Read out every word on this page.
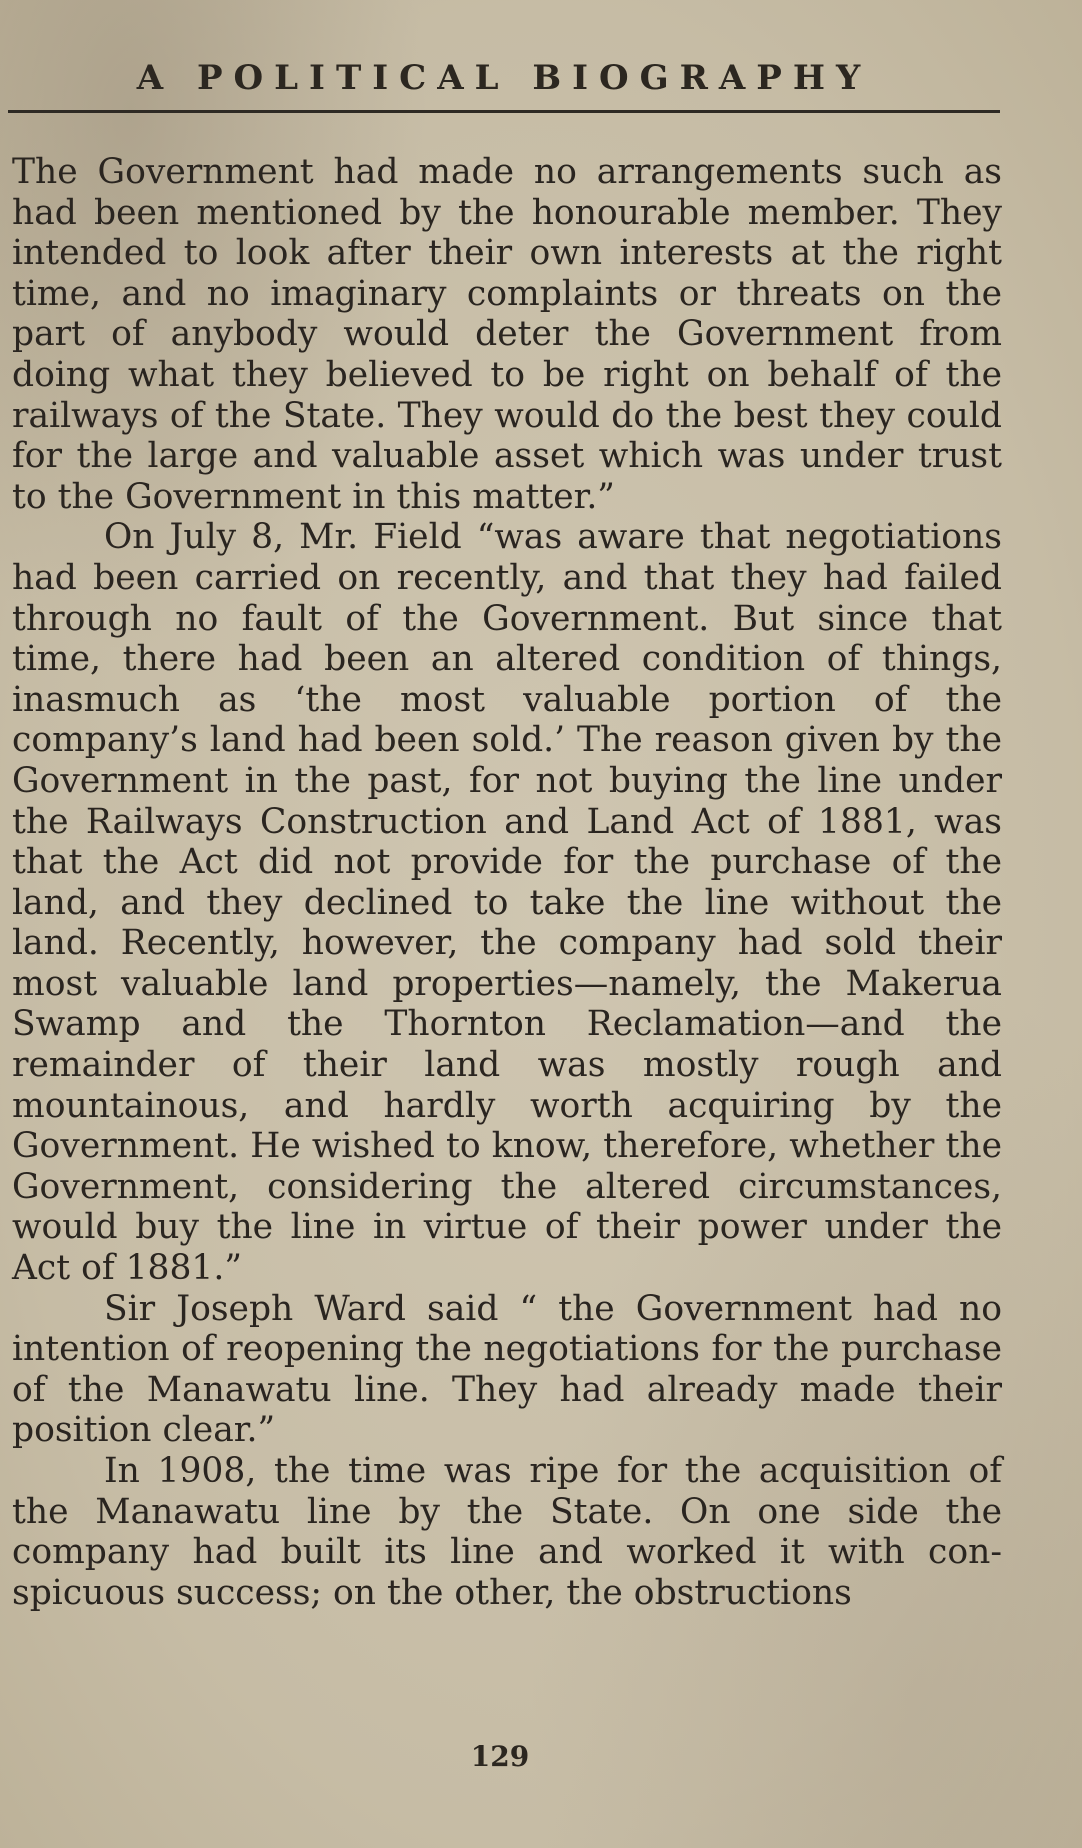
A POLITICAL BIOGRAPHY

The Government had made no arrangements such as had been mentioned by the honourable member. They intended to look after their own interests at the right time, and no imaginary complaints or threats on the part of anybody would deter the Government from doing what they believed to be right on behalf of the railways of the State. They would do the best they could for the large and valuable asset which was under trust to the Government in this matter.”

On July 8, Mr. Field “was aware that negotiations had been carried on recently, and that they had failed through no fault of the Government. But since that time, there had been an altered condition of things, inasmuch as ‘the most valuable portion of the company’s land had been sold.’ The reason given by the Government in the past, for not buying the line under the Railways Construction and Land Act of 1881, was that the Act did not provide for the purchase of the land, and they declined to take the line without the land. Recently, however, the company had sold their most valuable land properties—namely, the Makerua Swamp and the Thornton Reclamation—and the remainder of their land was mostly rough and mountainous, and hardly worth acquiring by the Government. He wished to know, therefore, whether the Government, considering the altered circumstances, would buy the line in virtue of their power under the Act of 1881.”

Sir Joseph Ward said “ the Government had no intention of reopening the negotiations for the purchase of the Manawatu line. They had already made their position clear.”

In 1908, the time was ripe for the acquisition of the Manawatu line by the State. On one side the company had built its line and worked it with conspicuous success; on the other, the obstructions

129
